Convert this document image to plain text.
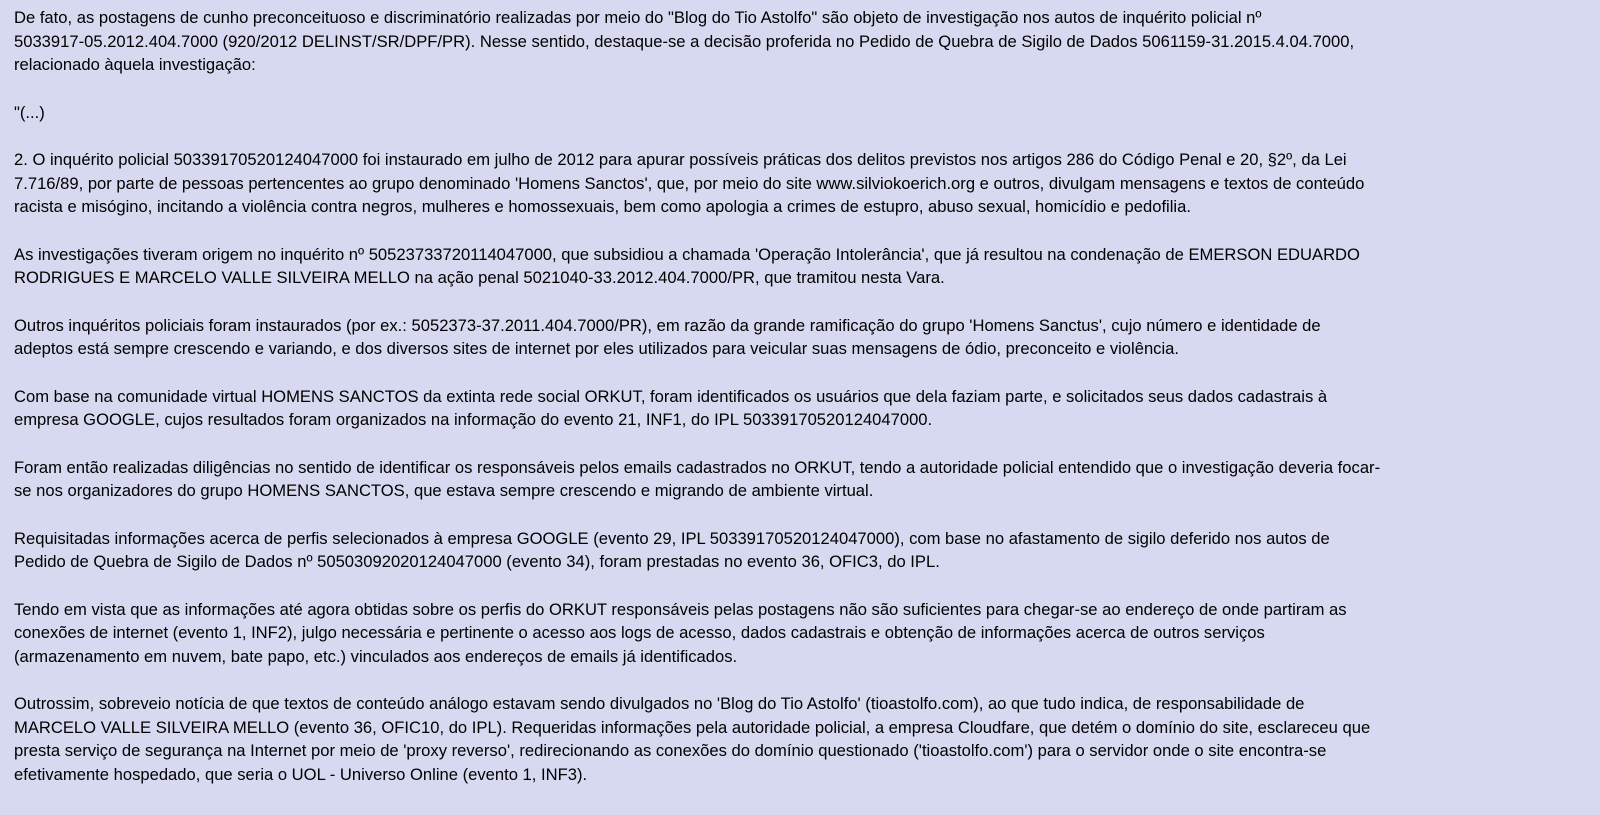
De fato, as postagens de cunho preconceituoso e discriminatório realizadas por meio do "Blog do Tio Astolfo" são objeto de investigação nos autos de inquérito policial nº
5033917-05.2012.404.7000 (920/2012 DELINST/SR/DPF/PR). Nesse sentido, destaque-se a decisão proferida no Pedido de Quebra de Sigilo de Dados 5061159-31.2015.4.04.7000,
relacionado àquela investigação:

"(...)

2. O inquérito policial 50339170520124047000 foi instaurado em julho de 2012 para apurar possíveis práticas dos delitos previstos nos artigos 286 do Código Penal e 20, §2º, da Lei
7.716/89, por parte de pessoas pertencentes ao grupo denominado 'Homens Sanctos', que, por meio do site www.silviokoerich.org e outros, divulgam mensagens e textos de conteúdo
racista e misógino, incitando a violência contra negros, mulheres e homossexuais, bem como apologia a crimes de estupro, abuso sexual, homicídio e pedofilia.

As investigações tiveram origem no inquérito nº 50523733720114047000, que subsidiou a chamada 'Operação Intolerância', que já resultou na condenação de EMERSON EDUARDO
RODRIGUES E MARCELO VALLE SILVEIRA MELLO na ação penal 5021040-33.2012.404.7000/PR, que tramitou nesta Vara.

Outros inquéritos policiais foram instaurados (por ex.: 5052373-37.2011.404.7000/PR), em razão da grande ramificação do grupo 'Homens Sanctus', cujo número e identidade de
adeptos está sempre crescendo e variando, e dos diversos sites de internet por eles utilizados para veicular suas mensagens de ódio, preconceito e violência.

Com base na comunidade virtual HOMENS SANCTOS da extinta rede social ORKUT, foram identificados os usuários que dela faziam parte, e solicitados seus dados cadastrais à
empresa GOOGLE, cujos resultados foram organizados na informação do evento 21, INF1, do IPL 50339170520124047000.

Foram então realizadas diligências no sentido de identificar os responsáveis pelos emails cadastrados no ORKUT, tendo a autoridade policial entendido que o investigação deveria focar-
se nos organizadores do grupo HOMENS SANCTOS, que estava sempre crescendo e migrando de ambiente virtual.

Requisitadas informações acerca de perfis selecionados à empresa GOOGLE (evento 29, IPL 50339170520124047000), com base no afastamento de sigilo deferido nos autos de
Pedido de Quebra de Sigilo de Dados nº 50503092020124047000 (evento 34), foram prestadas no evento 36, OFIC3, do IPL.

Tendo em vista que as informações até agora obtidas sobre os perfis do ORKUT responsáveis pelas postagens não são suficientes para chegar-se ao endereço de onde partiram as
conexões de internet (evento 1, INF2), julgo necessária e pertinente o acesso aos logs de acesso, dados cadastrais e obtenção de informações acerca de outros serviços
(armazenamento em nuvem, bate papo, etc.) vinculados aos endereços de emails já identificados.

Outrossim, sobreveio notícia de que textos de conteúdo análogo estavam sendo divulgados no 'Blog do Tio Astolfo' (tioastolfo.com), ao que tudo indica, de responsabilidade de
MARCELO VALLE SILVEIRA MELLO (evento 36, OFIC10, do IPL). Requeridas informações pela autoridade policial, a empresa Cloudfare, que detém o domínio do site, esclareceu que
presta serviço de segurança na Internet por meio de 'proxy reverso', redirecionando as conexões do domínio questionado ('tioastolfo.com') para o servidor onde o site encontra-se
efetivamente hospedado, que seria o UOL - Universo Online (evento 1, INF3).
